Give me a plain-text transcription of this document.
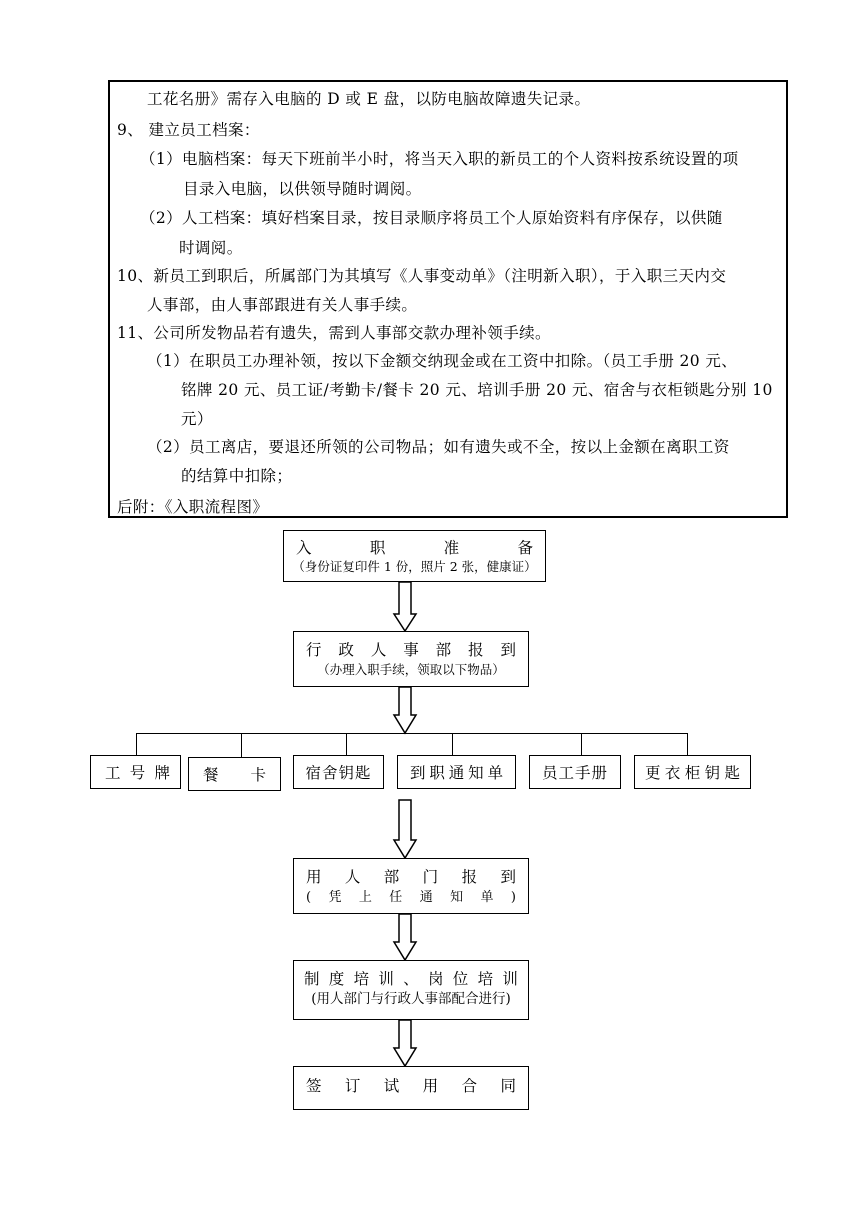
工花名册》需存入电脑的 D 或 E 盘，以防电脑故障遗失记录。
9、 建立员工档案：
（1）电脑档案：每天下班前半小时，将当天入职的新员工的个人资料按系统设置的项
目录入电脑，以供领导随时调阅。
（2）人工档案：填好档案目录，按目录顺序将员工个人原始资料有序保存，以供随
时调阅。
10、新员工到职后，所属部门为其填写《人事变动单》（注明新入职），于入职三天内交
人事部，由人事部跟进有关人事手续。
11、公司所发物品若有遗失，需到人事部交款办理补领手续。
（1）在职员工办理补领，按以下金额交纳现金或在工资中扣除。（员工手册 20 元、
铭牌 20 元、员工证/考勤卡/餐卡 20 元、培训手册 20 元、宿舍与衣柜锁匙分别 10
元）
（2）员工离店，要退还所领的公司物品；如有遗失或不全，按以上金额在离职工资
的结算中扣除；
后附：《入职流程图》
入	职	准	备
（身份证复印件 1 份，照片 2 张，健康证）
行 政 人 事 部 报 到
（办理入职手续，领取以下物品）
工 号 牌 餐 卡	宿舍钥匙 到 职 通 知 单	员工手册 更 衣 柜 钥 匙
用 人 部 门 报 到
( 凭 上 任 通 知 单 )
制 度 培 训 、 岗 位 培 训
(用人部门与行政人事部配合进行)
签 订 试 用 合 同
